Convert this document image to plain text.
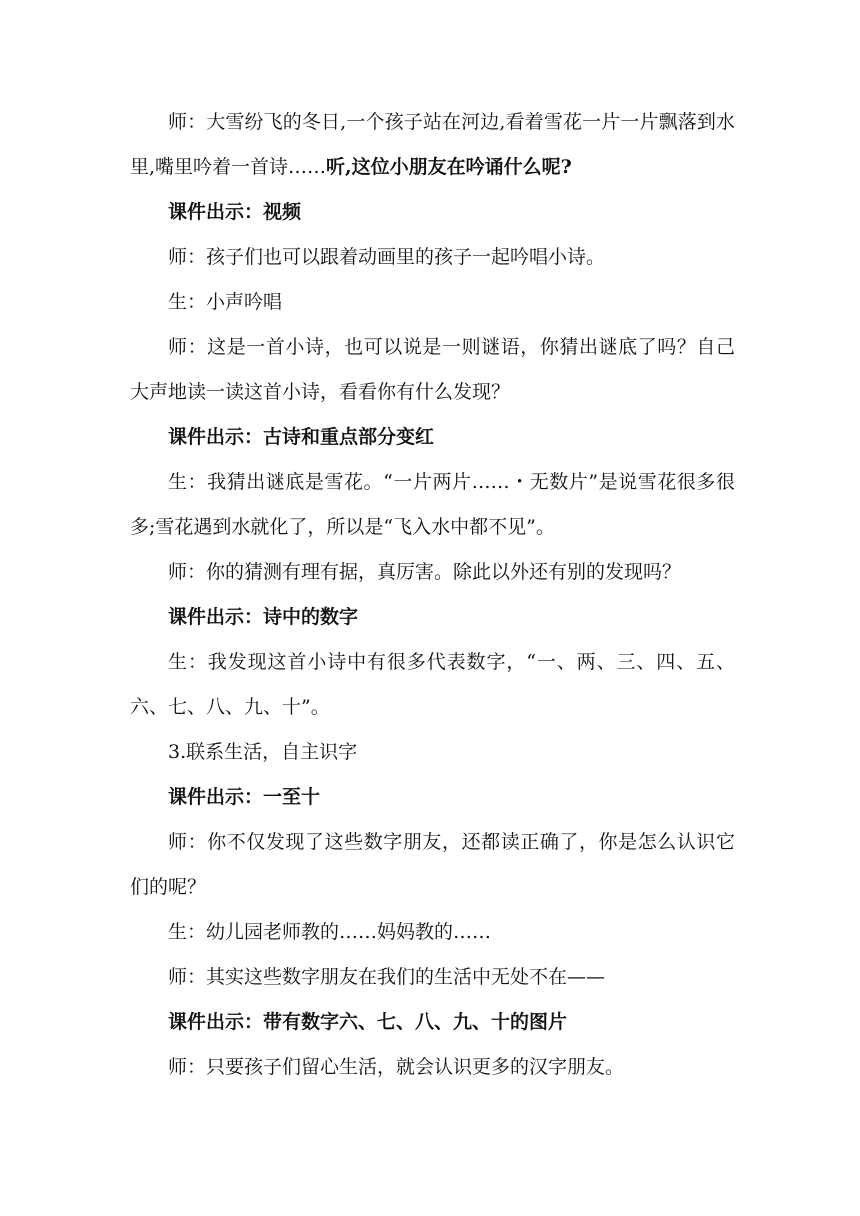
师：大雪纷飞的冬日,一个孩子站在河边,看着雪花一片一片飘落到水里,嘴里吟着一首诗……听,这位小朋友在吟诵什么呢?

课件出示：视频

师：孩子们也可以跟着动画里的孩子一起吟唱小诗。

生：小声吟唱

师：这是一首小诗，也可以说是一则谜语，你猜出谜底了吗？自己大声地读一读这首小诗，看看你有什么发现？

课件出示：古诗和重点部分变红

生：我猜出谜底是雪花。“一片两片……・无数片”是说雪花很多很多;雪花遇到水就化了，所以是“飞入水中都不见”。

师：你的猜测有理有据，真厉害。除此以外还有别的发现吗？

课件出示：诗中的数字

生：我发现这首小诗中有很多代表数字，“一、两、三、四、五、六、七、八、九、十”。

3.联系生活，自主识字

课件出示：一至十

师：你不仅发现了这些数字朋友，还都读正确了，你是怎么认识它们的呢？

生：幼儿园老师教的……妈妈教的……

师：其实这些数字朋友在我们的生活中无处不在——

课件出示：带有数字六、七、八、九、十的图片

师：只要孩子们留心生活，就会认识更多的汉字朋友。
